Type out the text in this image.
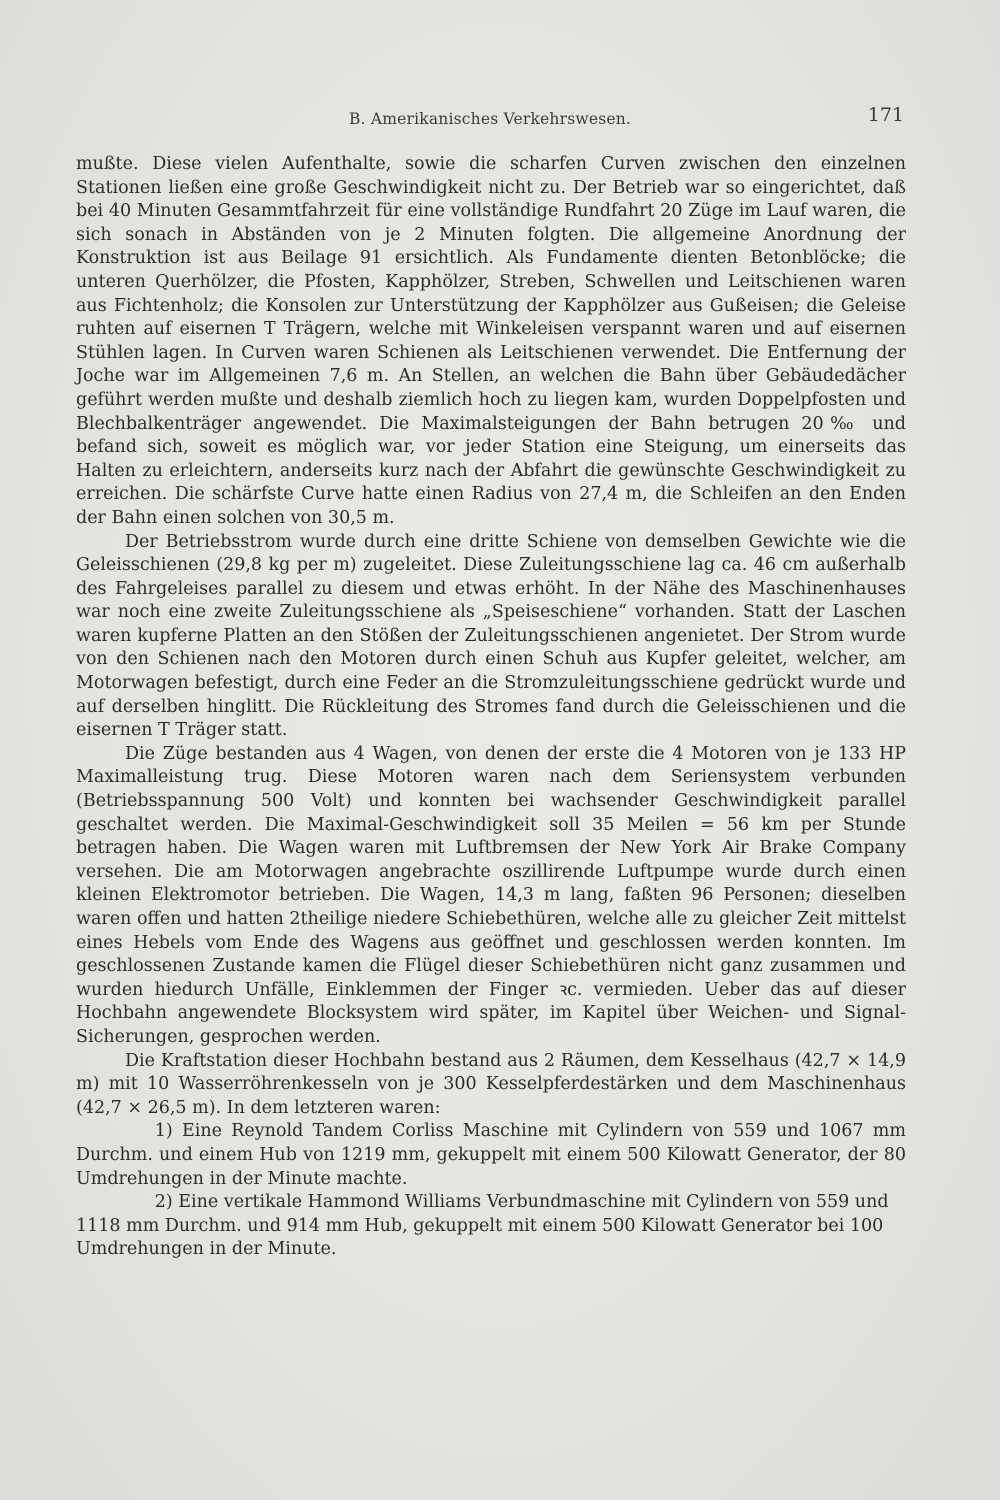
B. Amerikanisches Verkehrswesen.	171

mußte. Diese vielen Aufenthalte, sowie die scharfen Curven zwischen den einzelnen Stationen ließen eine große Geschwindigkeit nicht zu. Der Betrieb war so eingerichtet, daß bei 40 Minuten Gesammtfahrzeit für eine vollständige Rundfahrt 20 Züge im Lauf waren, die sich sonach in Abständen von je 2 Minuten folgten. Die allgemeine Anordnung der Konstruktion ist aus Beilage 91 ersichtlich. Als Fundamente dienten Betonblöcke; die unteren Querhölzer, die Pfosten, Kapphölzer, Streben, Schwellen und Leitschienen waren aus Fichtenholz; die Konsolen zur Unterstützung der Kapphölzer aus Gußeisen; die Geleise ruhten auf eisernen T Trägern, welche mit Winkeleisen verspannt waren und auf eisernen Stühlen lagen. In Curven waren Schienen als Leitschienen verwendet. Die Entfernung der Joche war im Allgemeinen 7,6 m. An Stellen, an welchen die Bahn über Gebäudedächer geführt werden mußte und deshalb ziemlich hoch zu liegen kam, wurden Doppelpfosten und Blechbalkenträger angewendet. Die Maximalsteigungen der Bahn betrugen 20‰ und befand sich, soweit es möglich war, vor jeder Station eine Steigung, um einerseits das Halten zu erleichtern, anderseits kurz nach der Abfahrt die gewünschte Geschwindigkeit zu erreichen. Die schärfste Curve hatte einen Radius von 27,4 m, die Schleifen an den Enden der Bahn einen solchen von 30,5 m.

Der Betriebsstrom wurde durch eine dritte Schiene von demselben Gewichte wie die Geleisschienen (29,8 kg per m) zugeleitet. Diese Zuleitungsschiene lag ca. 46 cm außerhalb des Fahrgeleises parallel zu diesem und etwas erhöht. In der Nähe des Maschinenhauses war noch eine zweite Zuleitungsschiene als „Speiseschiene“ vorhanden. Statt der Laschen waren kupferne Platten an den Stößen der Zuleitungsschienen angenietet. Der Strom wurde von den Schienen nach den Motoren durch einen Schuh aus Kupfer geleitet, welcher, am Motorwagen befestigt, durch eine Feder an die Stromzuleitungsschiene gedrückt wurde und auf derselben hinglitt. Die Rückleitung des Stromes fand durch die Geleisschienen und die eisernen T Träger statt.

Die Züge bestanden aus 4 Wagen, von denen der erste die 4 Motoren von je 133 HP Maximalleistung trug. Diese Motoren waren nach dem Seriensystem verbunden (Betriebsspannung 500 Volt) und konnten bei wachsender Geschwindigkeit parallel geschaltet werden. Die Maximal-Geschwindigkeit soll 35 Meilen = 56 km per Stunde betragen haben. Die Wagen waren mit Luftbremsen der New York Air Brake Company versehen. Die am Motorwagen angebrachte oszillirende Luftpumpe wurde durch einen kleinen Elektromotor betrieben. Die Wagen, 14,3 m lang, faßten 96 Personen; dieselben waren offen und hatten 2theilige niedere Schiebethüren, welche alle zu gleicher Zeit mittelst eines Hebels vom Ende des Wagens aus geöffnet und geschlossen werden konnten. Im geschlossenen Zustande kamen die Flügel dieser Schiebethüren nicht ganz zusammen und wurden hiedurch Unfälle, Einklemmen der Finger ꝛc. vermieden. Ueber das auf dieser Hochbahn angewendete Blocksystem wird später, im Kapitel über Weichen- und Signal-Sicherungen, gesprochen werden.

Die Kraftstation dieser Hochbahn bestand aus 2 Räumen, dem Kesselhaus (42,7 × 14,9 m) mit 10 Wasserröhrenkesseln von je 300 Kesselpferdestärken und dem Maschinenhaus (42,7 × 26,5 m). In dem letzteren waren:

1) Eine Reynold Tandem Corliss Maschine mit Cylindern von 559 und 1067 mm Durchm. und einem Hub von 1219 mm, gekuppelt mit einem 500 Kilowatt Generator, der 80 Umdrehungen in der Minute machte.

2) Eine vertikale Hammond Williams Verbundmaschine mit Cylindern von 559 und 1118 mm Durchm. und 914 mm Hub, gekuppelt mit einem 500 Kilowatt Generator bei 100 Umdrehungen in der Minute.
